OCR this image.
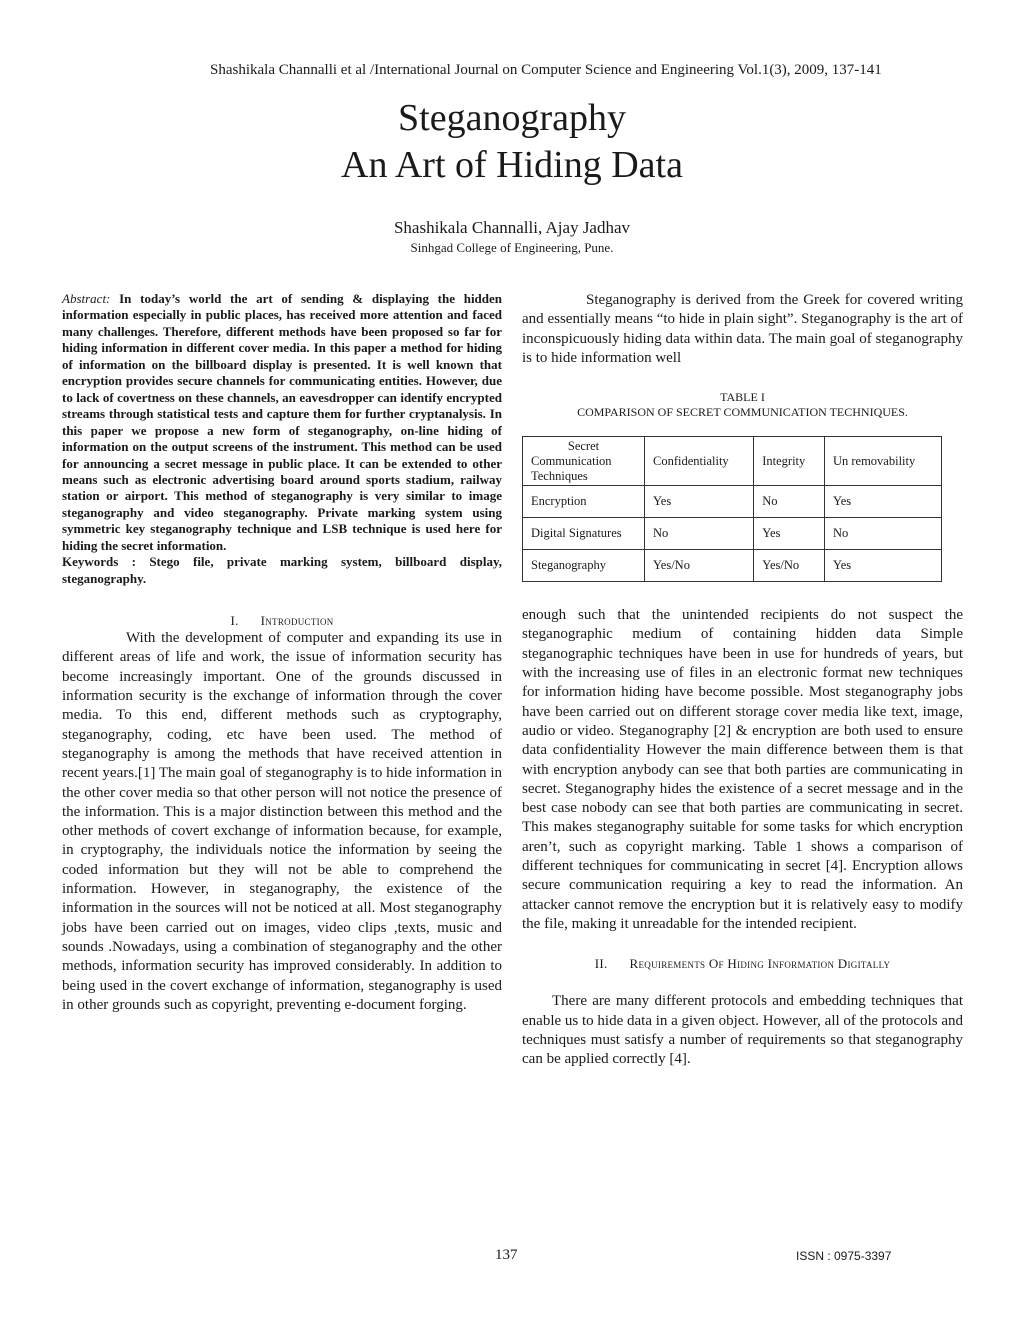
Shashikala Channalli et al /International Journal on Computer Science and Engineering Vol.1(3), 2009, 137-141
Steganography
An Art of Hiding Data
Shashikala Channalli, Ajay Jadhav
Sinhgad College of Engineering, Pune.

Abstract: In today’s world the art of sending & displaying the hidden information especially in public places, has received more attention and faced many challenges. Therefore, different methods have been proposed so far for hiding information in different cover media. In this paper a method for hiding of information on the billboard display is presented. It is well known that encryption provides secure channels for communicating entities. However, due to lack of covertness on these channels, an eavesdropper can identify encrypted streams through statistical tests and capture them for further cryptanalysis. In this paper we propose a new form of steganography, on-line hiding of information on the output screens of the instrument. This method can be used for announcing a secret message in public place. It can be extended to other means such as electronic advertising board around sports stadium, railway station or airport. This method of steganography is very similar to image steganography and video steganography. Private marking system using symmetric key steganography technique and LSB technique is used here for hiding the secret information.

Keywords : Stego file, private marking system, billboard display, steganography.

I. Introduction

With the development of computer and expanding its use in different areas of life and work, the issue of information security has become increasingly important. One of the grounds discussed in information security is the exchange of information through the cover media. To this end, different methods such as cryptography, steganography, coding, etc have been used. The method of steganography is among the methods that have received attention in recent years.[1] The main goal of steganography is to hide information in the other cover media so that other person will not notice the presence of the information. This is a major distinction between this method and the other methods of covert exchange of information because, for example, in cryptography, the individuals notice the information by seeing the coded information but they will not be able to comprehend the information. However, in steganography, the existence of the information in the sources will not be noticed at all. Most steganography jobs have been carried out on images, video clips ,texts, music and sounds .Nowadays, using a combination of steganography and the other methods, information security has improved considerably. In addition to being used in the covert exchange of information, steganography is used in other grounds such as copyright, preventing e-document forging.

Steganography is derived from the Greek for covered writing and essentially means “to hide in plain sight”. Steganography is the art of inconspicuously hiding data within data. The main goal of steganography is to hide information well

TABLE I
COMPARISON OF SECRET COMMUNICATION TECHNIQUES.
Secret
Communication
Techniques	Confidentiality	Integrity	Un removability
Encryption	Yes	No	Yes
Digital Signatures	No	Yes	No
Steganography	Yes/No	Yes/No	Yes

enough such that the unintended recipients do not suspect the steganographic medium of containing hidden data Simple steganographic techniques have been in use for hundreds of years, but with the increasing use of files in an electronic format new techniques for information hiding have become possible. Most steganography jobs have been carried out on different storage cover media like text, image, audio or video. Steganography [2] & encryption are both used to ensure data confidentiality However the main difference between them is that with encryption anybody can see that both parties are communicating in secret. Steganography hides the existence of a secret message and in the best case nobody can see that both parties are communicating in secret. This makes steganography suitable for some tasks for which encryption aren’t, such as copyright marking. Table 1 shows a comparison of different techniques for communicating in secret [4]. Encryption allows secure communication requiring a key to read the information. An attacker cannot remove the encryption but it is relatively easy to modify the file, making it unreadable for the intended recipient.

II. Requirements Of Hiding Information Digitally

There are many different protocols and embedding techniques that enable us to hide data in a given object. However, all of the protocols and techniques must satisfy a number of requirements so that steganography can be applied correctly [4].

137	ISSN : 0975-3397
